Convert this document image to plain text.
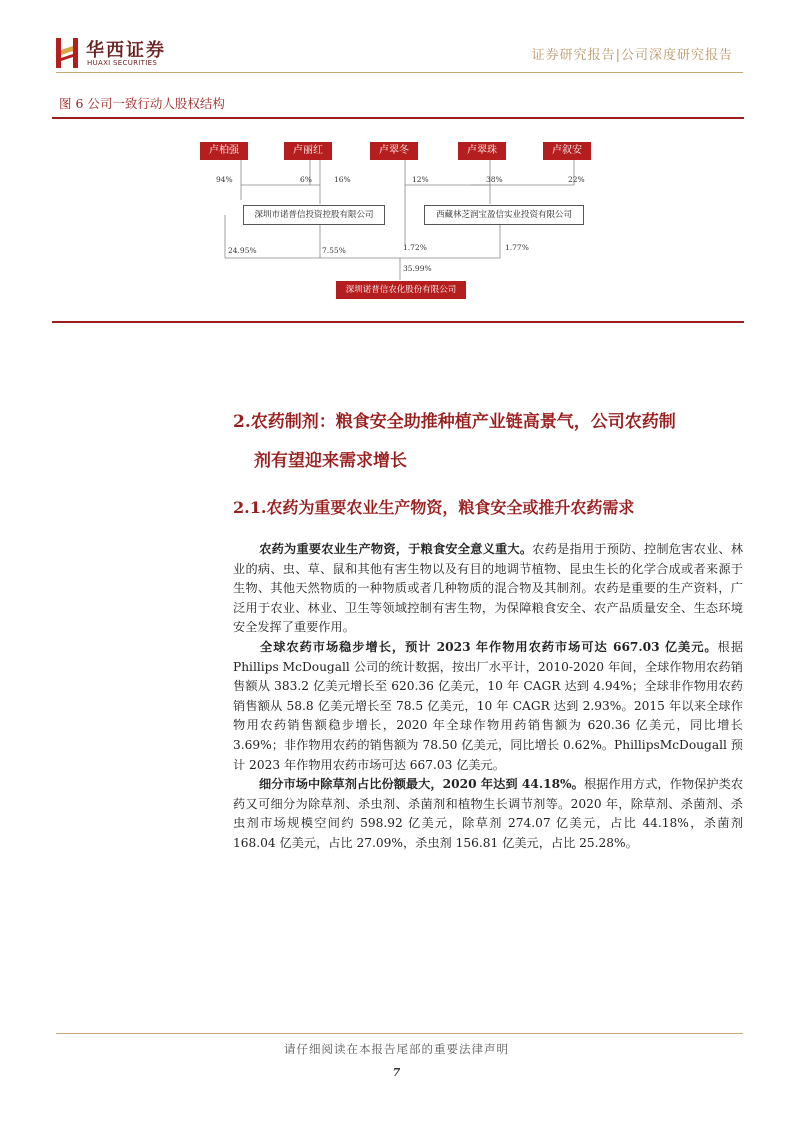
华西证券
HUAXI SECURITIES	证券研究报告|公司深度研究报告
图 6 公司一致行动人股权结构
卢柏强	卢丽红	卢翠冬	卢翠珠	卢叙安
94%	6%	16%	12%	38%	22%
深圳市诺普信投资控股有限公司	西藏林芝润宝盈信实业投资有限公司
24.95%	7.55%	1.72%	1.77%
35.99%
深圳诺普信农化股份有限公司
2.农药制剂：粮食安全助推种植产业链高景气，公司农药制
剂有望迎来需求增长
2.1.农药为重要农业生产物资，粮食安全或推升农药需求
农药为重要农业生产物资，于粮食安全意义重大。农药是指用于预防、控制危害农业、林业的病、虫、草、鼠和其他有害生物以及有目的地调节植物、昆虫生长的化学合成或者来源于生物、其他天然物质的一种物质或者几种物质的混合物及其制剂。农药是重要的生产资料，广泛用于农业、林业、卫生等领域控制有害生物，为保障粮食安全、农产品质量安全、生态环境安全发挥了重要作用。
全球农药市场稳步增长，预计 2023 年作物用农药市场可达 667.03 亿美元。根据 Phillips McDougall 公司的统计数据，按出厂水平计，2010-2020 年间，全球作物用农药销售额从 383.2 亿美元增长至 620.36 亿美元，10 年 CAGR 达到 4.94%；全球非作物用农药销售额从 58.8 亿美元增长至 78.5 亿美元，10 年 CAGR 达到 2.93%。2015 年以来全球作物用农药销售额稳步增长，2020 年全球作物用药销售额为 620.36 亿美元，同比增长 3.69%；非作物用农药的销售额为 78.50 亿美元，同比增长 0.62%。PhillipsMcDougall 预计 2023 年作物用农药市场可达 667.03 亿美元。
细分市场中除草剂占比份额最大，2020 年达到 44.18%。根据作用方式，作物保护类农药又可细分为除草剂、杀虫剂、杀菌剂和植物生长调节剂等。2020 年，除草剂、杀菌剂、杀虫剂市场规模空间约 598.92 亿美元，除草剂 274.07 亿美元，占比 44.18%，杀菌剂 168.04 亿美元，占比 27.09%，杀虫剂 156.81 亿美元，占比 25.28%。
请仔细阅读在本报告尾部的重要法律声明
7
